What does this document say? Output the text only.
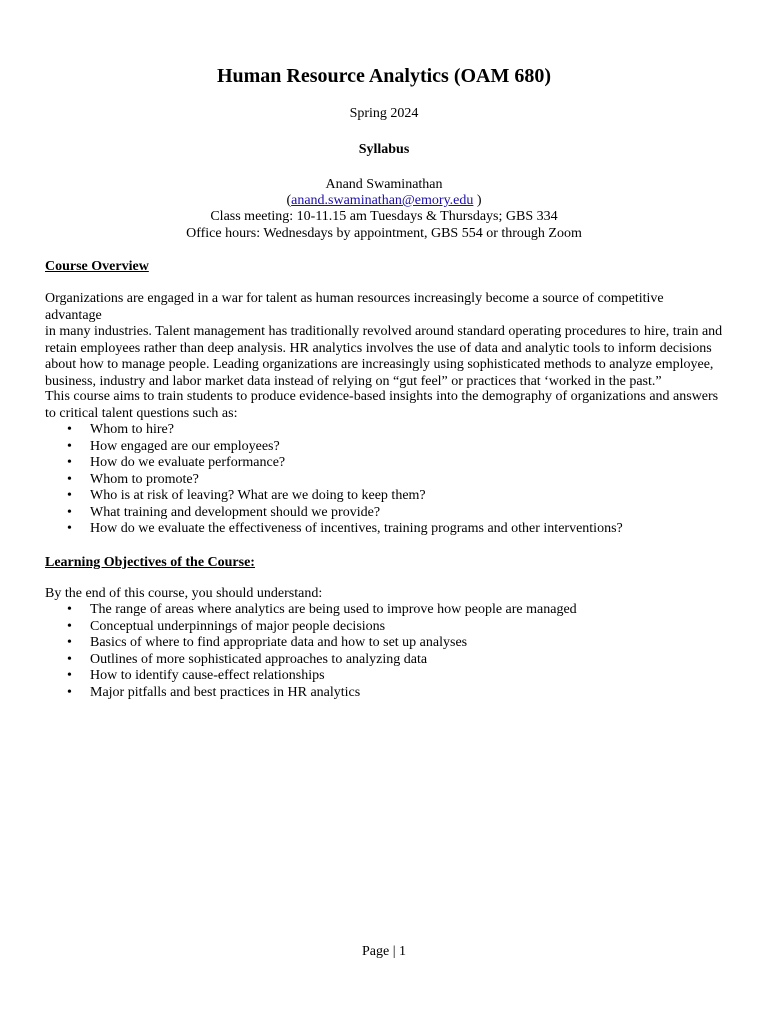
Human Resource Analytics (OAM 680)
Spring 2024
Syllabus
Anand Swaminathan
(anand.swaminathan@emory.edu )
Class meeting: 10-11.15 am Tuesdays & Thursdays; GBS 334
Office hours: Wednesdays by appointment, GBS 554 or through Zoom
Course Overview
Organizations are engaged in a war for talent as human resources increasingly become a source of competitive advantage
in many industries. Talent management has traditionally revolved around standard operating procedures to hire, train and
retain employees rather than deep analysis. HR analytics involves the use of data and analytic tools to inform decisions
about how to manage people. Leading organizations are increasingly using sophisticated methods to analyze employee,
business, industry and labor market data instead of relying on “gut feel” or practices that ‘worked in the past.”
This course aims to train students to produce evidence-based insights into the demography of organizations and answers
to critical talent questions such as:
• Whom to hire?
• How engaged are our employees?
• How do we evaluate performance?
• Whom to promote?
• Who is at risk of leaving? What are we doing to keep them?
• What training and development should we provide?
• How do we evaluate the effectiveness of incentives, training programs and other interventions?
Learning Objectives of the Course:
By the end of this course, you should understand:
• The range of areas where analytics are being used to improve how people are managed
• Conceptual underpinnings of major people decisions
• Basics of where to find appropriate data and how to set up analyses
• Outlines of more sophisticated approaches to analyzing data
• How to identify cause-effect relationships
• Major pitfalls and best practices in HR analytics
Page | 1
